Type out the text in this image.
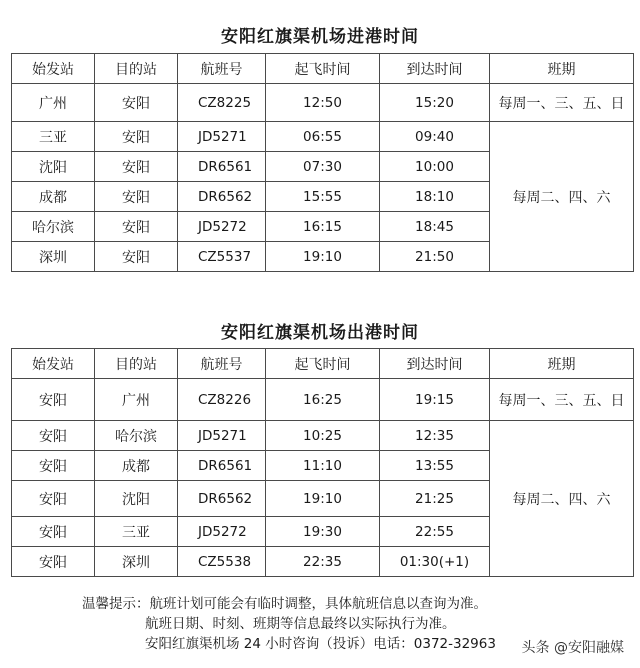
安阳红旗渠机场进港时间
始发站	目的站	航班号	起飞时间	到达时间	班期
广州	安阳	CZ8225	12:50	15:20	每周一、三、五、日
三亚	安阳	JD5271	06:55	09:40	每周二、四、六
沈阳	安阳	DR6561	07:30	10:00	
成都	安阳	DR6562	15:55	18:10	
哈尔滨	安阳	JD5272	16:15	18:45	
深圳	安阳	CZ5537	19:10	21:50	
安阳红旗渠机场出港时间
始发站	目的站	航班号	起飞时间	到达时间	班期
安阳	广州	CZ8226	16:25	19:15	每周一、三、五、日
安阳	哈尔滨	JD5271	10:25	12:35	每周二、四、六
安阳	成都	DR6561	11:10	13:55	
安阳	沈阳	DR6562	19:10	21:25	
安阳	三亚	JD5272	19:30	22:55	
安阳	深圳	CZ5538	22:35	01:30(+1)	
温馨提示：航班计划可能会有临时调整，具体航班信息以查询为准。
航班日期、时刻、班期等信息最终以实际执行为准。
安阳红旗渠机场 24 小时咨询（投诉）电话：0372-32963 头条 @安阳融媒
